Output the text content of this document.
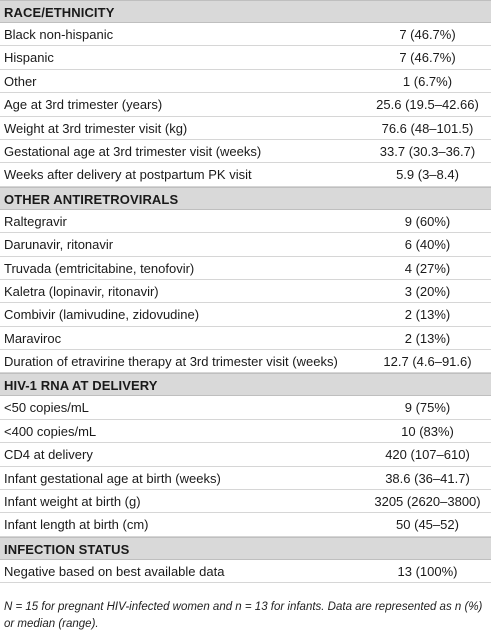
RACE/ETHNICITY
Black non-hispanic	7 (46.7%)
Hispanic	7 (46.7%)
Other	1 (6.7%)
Age at 3rd trimester (years)	25.6 (19.5–42.66)
Weight at 3rd trimester visit (kg)	76.6 (48–101.5)
Gestational age at 3rd trimester visit (weeks)	33.7 (30.3–36.7)
Weeks after delivery at postpartum PK visit	5.9 (3–8.4)
OTHER ANTIRETROVIRALS
Raltegravir	9 (60%)
Darunavir, ritonavir	6 (40%)
Truvada (emtricitabine, tenofovir)	4 (27%)
Kaletra (lopinavir, ritonavir)	3 (20%)
Combivir (lamivudine, zidovudine)	2 (13%)
Maraviroc	2 (13%)
Duration of etravirine therapy at 3rd trimester visit (weeks)	12.7 (4.6–91.6)
HIV-1 RNA AT DELIVERY
<50 copies/mL	9 (75%)
<400 copies/mL	10 (83%)
CD4 at delivery	420 (107–610)
Infant gestational age at birth (weeks)	38.6 (36–41.7)
Infant weight at birth (g)	3205 (2620–3800)
Infant length at birth (cm)	50 (45–52)
INFECTION STATUS
Negative based on best available data	13 (100%)
N = 15 for pregnant HIV-infected women and n = 13 for infants. Data are represented as n (%) or median (range).
